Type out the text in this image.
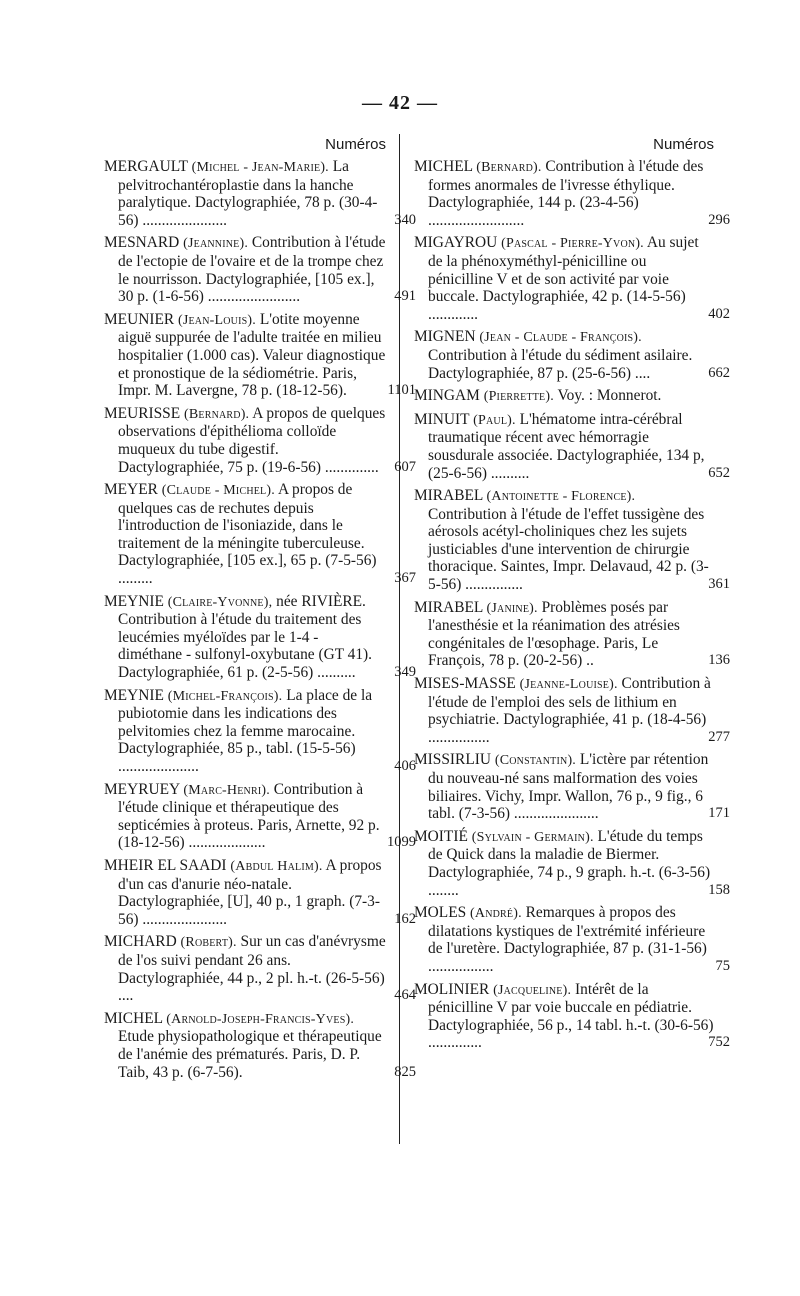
— 42 —
Numéros
MERGAULT (Michel - Jean-Marie). La pelvitrochantéroplastie dans la hanche paralytique. Dactylographiée, 78 p. (30-4-56) ......................	340
MESNARD (Jeannine). Contribution à l'étude de l'ectopie de l'ovaire et de la trompe chez le nourrisson. Dactylographiée, [105 ex.], 30 p. (1-6-56) ........................	491
MEUNIER (Jean-Louis). L'otite moyenne aiguë suppurée de l'adulte traitée en milieu hospitalier (1.000 cas). Valeur diagnostique et pronostique de la sédiométrie. Paris, Impr. M. Lavergne, 78 p. (18-12-56).	1101
MEURISSE (Bernard). A propos de quelques observations d'épithélioma colloïde muqueux du tube digestif. Dactylographiée, 75 p. (19-6-56) ..............	607
MEYER (Claude - Michel). A propos de quelques cas de rechutes depuis l'introduction de l'isoniazide, dans le traitement de la méningite tuberculeuse. Dactylographiée, [105 ex.], 65 p. (7-5-56) .........	367
MEYNIE (Claire-Yvonne), née RIVIÈRE. Contribution à l'étude du traitement des leucémies myéloïdes par le 1-4 - diméthane - sulfonyl-oxybutane (GT 41). Dactylographiée, 61 p. (2-5-56) ..........	349
MEYNIE (Michel-François). La place de la pubiotomie dans les indications des pelvitomies chez la femme marocaine. Dactylographiée, 85 p., tabl. (15-5-56) .....................	406
MEYRUEY (Marc-Henri). Contribution à l'étude clinique et thérapeutique des septicémies à proteus. Paris, Arnette, 92 p. (18-12-56) ....................	1099
MHEIR EL SAADI (Abdul Halim). A propos d'un cas d'anurie néo-natale. Dactylographiée, [U], 40 p., 1 graph. (7-3-56) ......................	162
MICHARD (Robert). Sur un cas d'anévrysme de l'os suivi pendant 26 ans. Dactylographiée, 44 p., 2 pl. h.-t. (26-5-56) ....	464
MICHEL (Arnold-Joseph-Francis-Yves). Etude physiopathologique et thérapeutique de l'anémie des prématurés. Paris, D. P. Taib, 43 p. (6-7-56).	825
Numéros
MICHEL (Bernard). Contribution à l'étude des formes anormales de l'ivresse éthylique. Dactylographiée, 144 p. (23-4-56) .........................	296
MIGAYROU (Pascal - Pierre-Yvon). Au sujet de la phénoxyméthyl-pénicilline ou pénicilline V et de son activité par voie buccale. Dactylographiée, 42 p. (14-5-56) .............	402
MIGNEN (Jean - Claude - François). Contribution à l'étude du sédiment asilaire. Dactylographiée, 87 p. (25-6-56) ....	662
MINGAM (Pierrette). Voy. : Monnerot.
MINUIT (Paul). L'hématome intra-cérébral traumatique récent avec hémorragie sousdurale associée. Dactylographiée, 134 p, (25-6-56) ..........	652
MIRABEL (Antoinette - Florence). Contribution à l'étude de l'effet tussigène des aérosols acétyl-choliniques chez les sujets justiciables d'une intervention de chirurgie thoracique. Saintes, Impr. Delavaud, 42 p. (3-5-56) ...............	361
MIRABEL (Janine). Problèmes posés par l'anesthésie et la réanimation des atrésies congénitales de l'œsophage. Paris, Le François, 78 p. (20-2-56) ..	136
MISES-MASSE (Jeanne-Louise). Contribution à l'étude de l'emploi des sels de lithium en psychiatrie. Dactylographiée, 41 p. (18-4-56) ................	277
MISSIRLIU (Constantin). L'ictère par rétention du nouveau-né sans malformation des voies biliaires. Vichy, Impr. Wallon, 76 p., 9 fig., 6 tabl. (7-3-56) ......................	171
MOITIÉ (Sylvain - Germain). L'étude du temps de Quick dans la maladie de Biermer. Dactylographiée, 74 p., 9 graph. h.-t. (6-3-56) ........	158
MOLES (André). Remarques à propos des dilatations kystiques de l'extrémité inférieure de l'uretère. Dactylographiée, 87 p. (31-1-56) .................	75
MOLINIER (Jacqueline). Intérêt de la pénicilline V par voie buccale en pédiatrie. Dactylographiée, 56 p., 14 tabl. h.-t. (30-6-56) ..............	752
